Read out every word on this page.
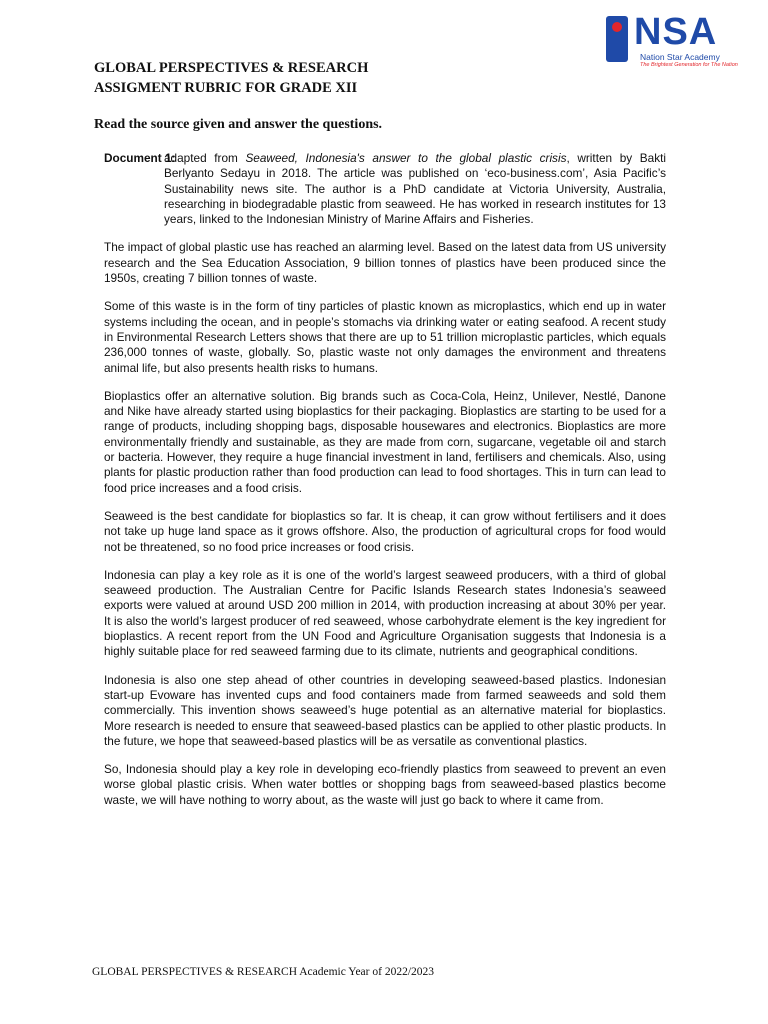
NSA
Nation Star Academy
The Brightest Generation for The Nation
GLOBAL PERSPECTIVES & RESEARCH
ASSIGMENT RUBRIC FOR GRADE XII

Read the source given and answer the questions.

Document 1:
adapted from Seaweed, Indonesia's answer to the global plastic crisis, written by Bakti Berlyanto Sedayu in 2018. The article was published on ‘eco-business.com’, Asia Pacific’s Sustainability news site. The author is a PhD candidate at Victoria University, Australia, researching in biodegradable plastic from seaweed. He has worked in research institutes for 13 years, linked to the Indonesian Ministry of Marine Affairs and Fisheries.

The impact of global plastic use has reached an alarming level. Based on the latest data from US university research and the Sea Education Association, 9 billion tonnes of plastics have been produced since the 1950s, creating 7 billion tonnes of waste.

Some of this waste is in the form of tiny particles of plastic known as microplastics, which end up in water systems including the ocean, and in people’s stomachs via drinking water or eating seafood. A recent study in Environmental Research Letters shows that there are up to 51 trillion microplastic particles, which equals 236,000 tonnes of waste, globally. So, plastic waste not only damages the environment and threatens animal life, but also presents health risks to humans.

Bioplastics offer an alternative solution. Big brands such as Coca-Cola, Heinz, Unilever, Nestlé, Danone and Nike have already started using bioplastics for their packaging. Bioplastics are starting to be used for a range of products, including shopping bags, disposable housewares and electronics. Bioplastics are more environmentally friendly and sustainable, as they are made from corn, sugarcane, vegetable oil and starch or bacteria. However, they require a huge financial investment in land, fertilisers and chemicals. Also, using plants for plastic production rather than food production can lead to food shortages. This in turn can lead to food price increases and a food crisis.

Seaweed is the best candidate for bioplastics so far. It is cheap, it can grow without fertilisers and it does not take up huge land space as it grows offshore. Also, the production of agricultural crops for food would not be threatened, so no food price increases or food crisis.

Indonesia can play a key role as it is one of the world’s largest seaweed producers, with a third of global seaweed production. The Australian Centre for Pacific Islands Research states Indonesia’s seaweed exports were valued at around USD 200 million in 2014, with production increasing at about 30% per year. It is also the world’s largest producer of red seaweed, whose carbohydrate element is the key ingredient for bioplastics. A recent report from the UN Food and Agriculture Organisation suggests that Indonesia is a highly suitable place for red seaweed farming due to its climate, nutrients and geographical conditions.

Indonesia is also one step ahead of other countries in developing seaweed-based plastics. Indonesian start-up Evoware has invented cups and food containers made from farmed seaweeds and sold them commercially. This invention shows seaweed’s huge potential as an alternative material for bioplastics. More research is needed to ensure that seaweed-based plastics can be applied to other plastic products. In the future, we hope that seaweed-based plastics will be as versatile as conventional plastics.

So, Indonesia should play a key role in developing eco-friendly plastics from seaweed to prevent an even worse global plastic crisis. When water bottles or shopping bags from seaweed-based plastics become waste, we will have nothing to worry about, as the waste will just go back to where it came from.

GLOBAL PERSPECTIVES & RESEARCH Academic Year of 2022/2023
